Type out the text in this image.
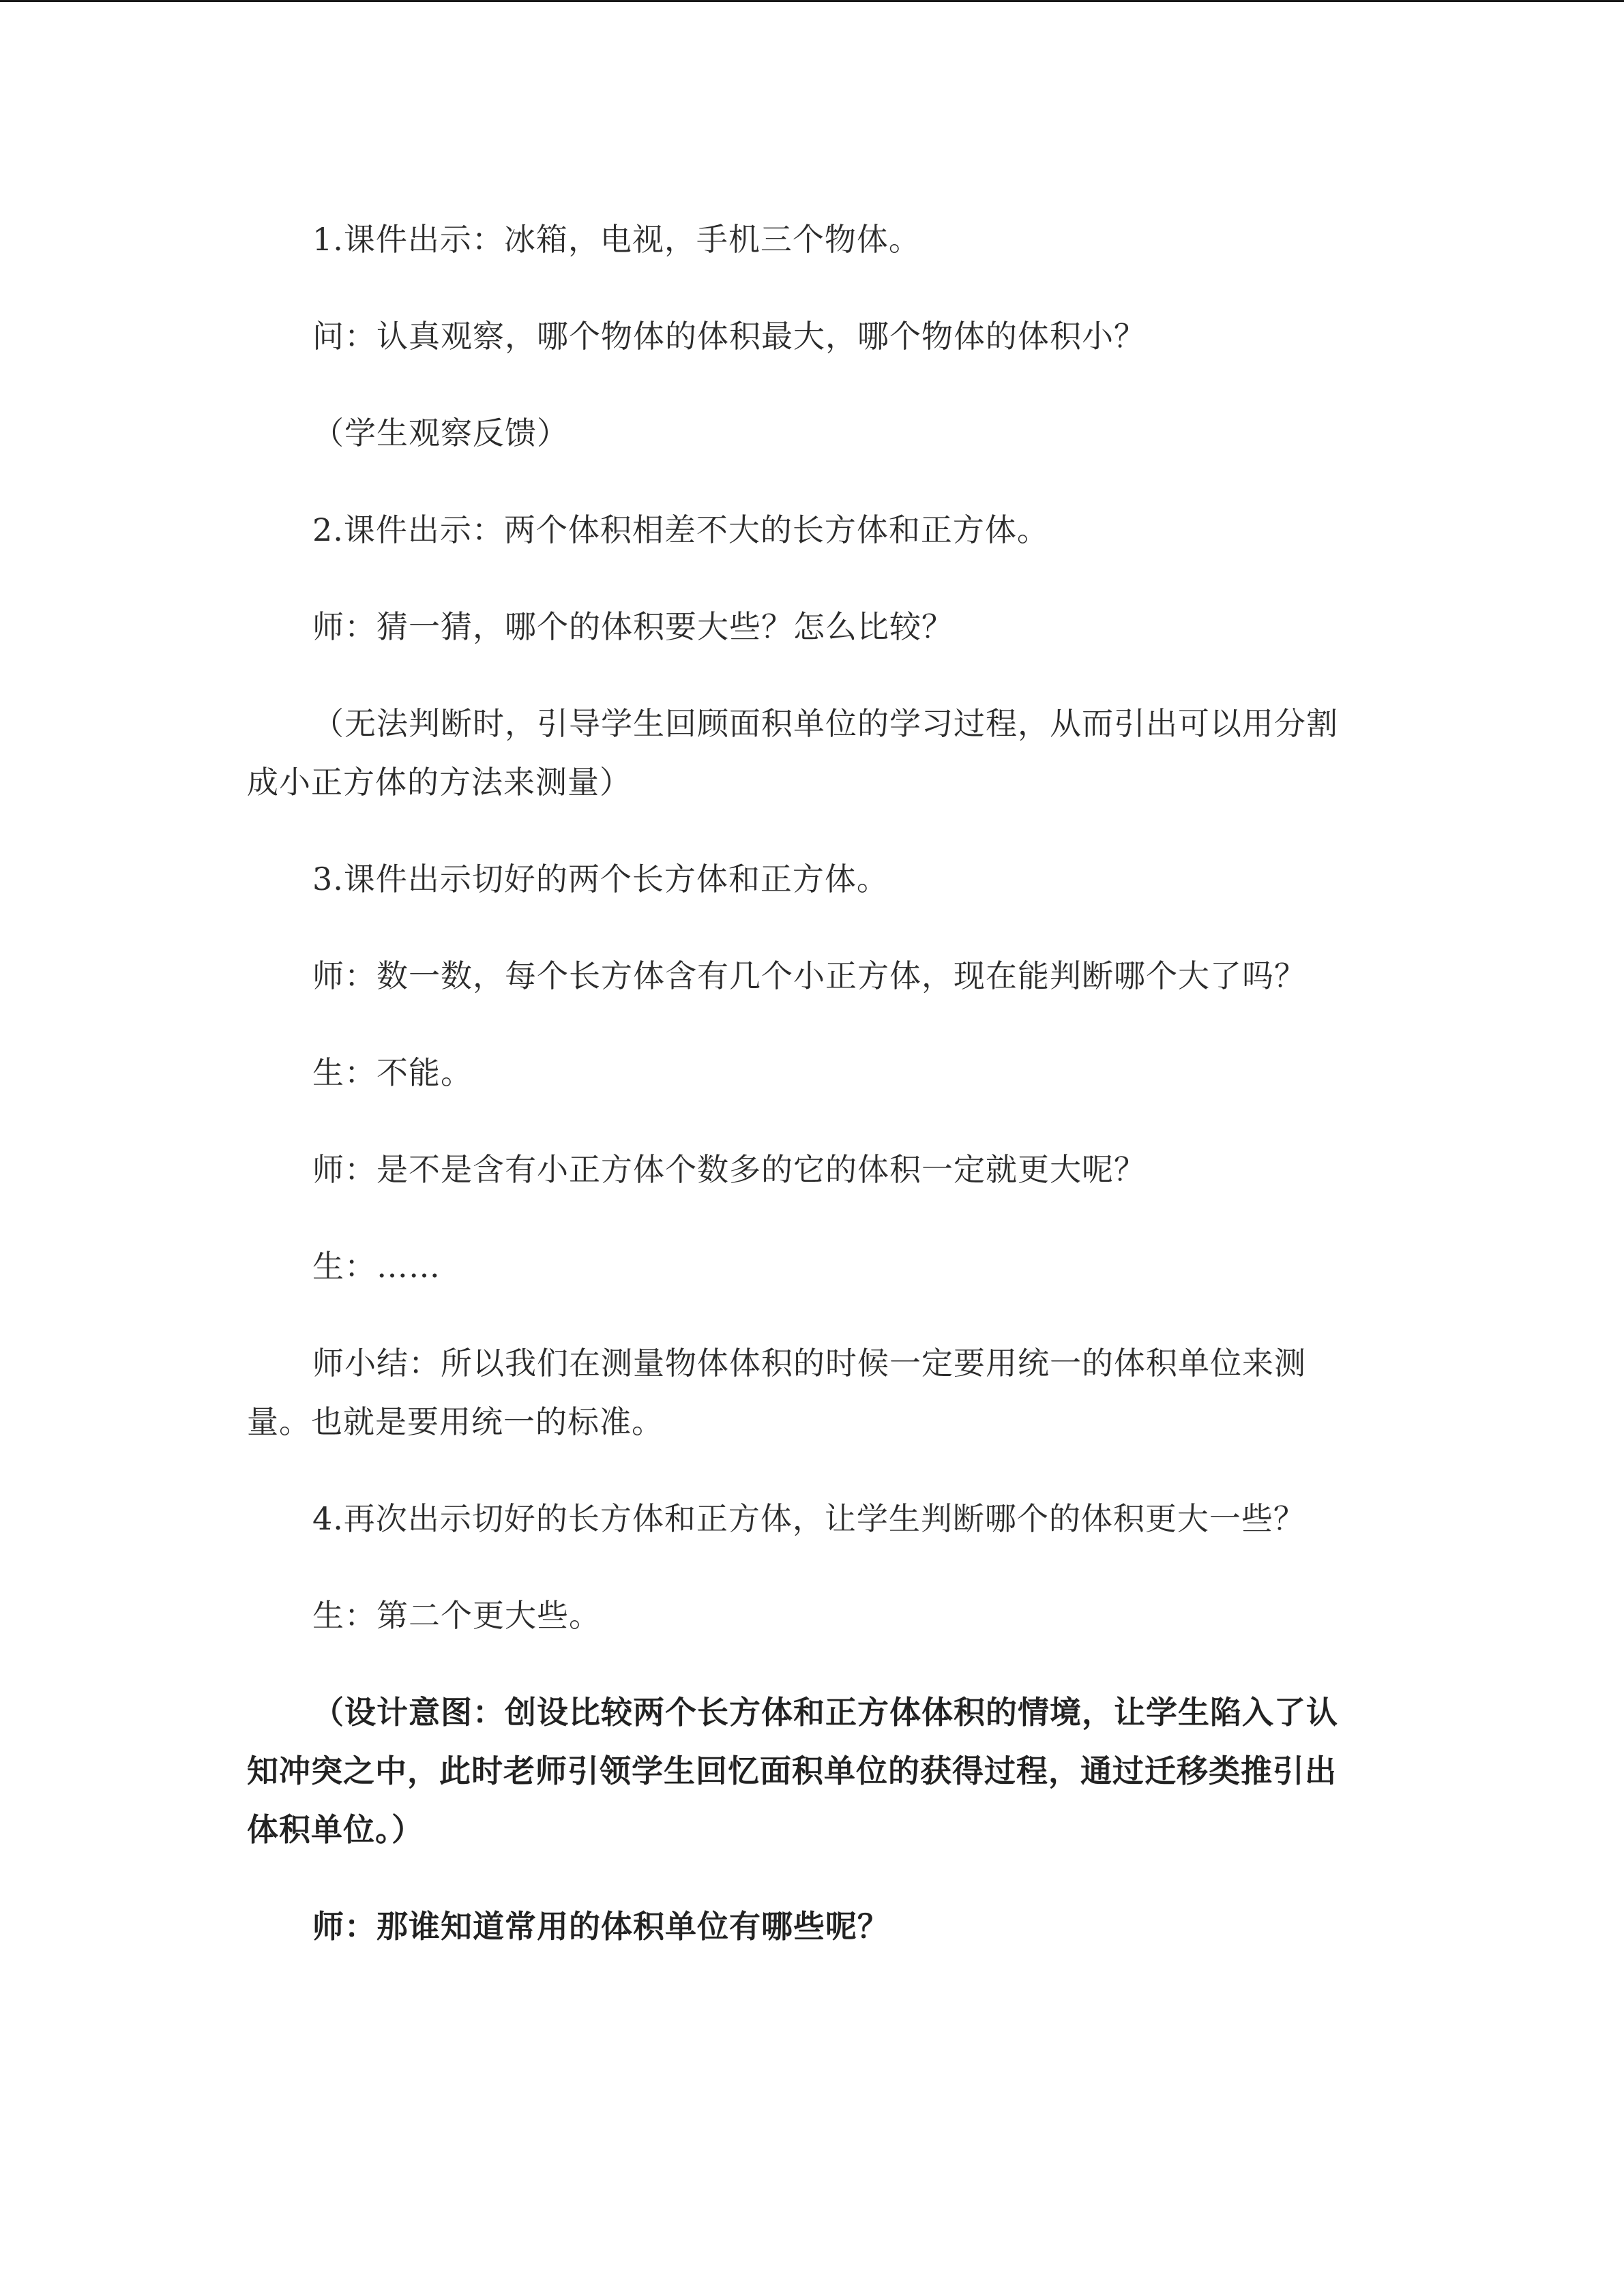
1.课件出示：冰箱，电视，手机三个物体。

问：认真观察，哪个物体的体积最大，哪个物体的体积小？

（学生观察反馈）

2.课件出示：两个体积相差不大的长方体和正方体。

师：猜一猜，哪个的体积要大些？怎么比较？

（无法判断时，引导学生回顾面积单位的学习过程，从而引出可以用分割成小正方体的方法来测量）

3.课件出示切好的两个长方体和正方体。

师：数一数，每个长方体含有几个小正方体，现在能判断哪个大了吗？

生：不能。

师：是不是含有小正方体个数多的它的体积一定就更大呢？

生：……

师小结：所以我们在测量物体体积的时候一定要用统一的体积单位来测量。也就是要用统一的标准。

4.再次出示切好的长方体和正方体，让学生判断哪个的体积更大一些？

生：第二个更大些。

（设计意图：创设比较两个长方体和正方体体积的情境，让学生陷入了认知冲突之中，此时老师引领学生回忆面积单位的获得过程，通过迁移类推引出体积单位。）

师：那谁知道常用的体积单位有哪些呢？
